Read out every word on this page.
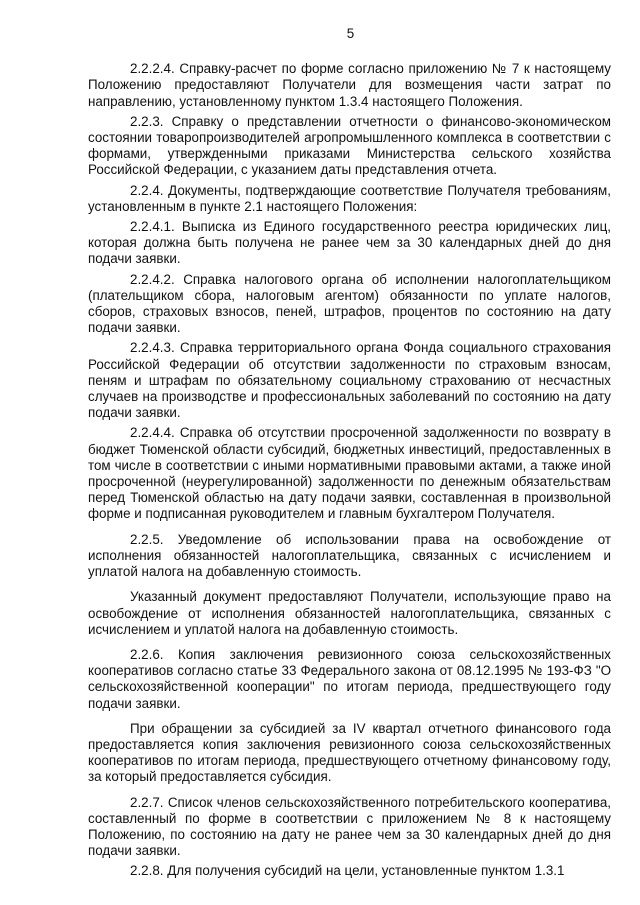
5

2.2.2.4. Справку-расчет по форме согласно приложению № 7 к настоящему Положению предоставляют Получатели для возмещения части затрат по направлению, установленному пунктом 1.3.4 настоящего Положения.

2.2.3. Справку о представлении отчетности о финансово-экономическом состоянии товаропроизводителей агропромышленного комплекса в соответствии с формами, утвержденными приказами Министерства сельского хозяйства Российской Федерации, с указанием даты представления отчета.

2.2.4. Документы, подтверждающие соответствие Получателя требованиям, установленным в пункте 2.1 настоящего Положения:

2.2.4.1. Выписка из Единого государственного реестра юридических лиц, которая должна быть получена не ранее чем за 30 календарных дней до дня подачи заявки.

2.2.4.2. Справка налогового органа об исполнении налогоплательщиком (плательщиком сбора, налоговым агентом) обязанности по уплате налогов, сборов, страховых взносов, пеней, штрафов, процентов по состоянию на дату подачи заявки.

2.2.4.3. Справка территориального органа Фонда социального страхования Российской Федерации об отсутствии задолженности по страховым взносам, пеням и штрафам по обязательному социальному страхованию от несчастных случаев на производстве и профессиональных заболеваний по состоянию на дату подачи заявки.

2.2.4.4. Справка об отсутствии просроченной задолженности по возврату в бюджет Тюменской области субсидий, бюджетных инвестиций, предоставленных в том числе в соответствии с иными нормативными правовыми актами, а также иной просроченной (неурегулированной) задолженности по денежным обязательствам перед Тюменской областью на дату подачи заявки, составленная в произвольной форме и подписанная руководителем и главным бухгалтером Получателя.

2.2.5. Уведомление об использовании права на освобождение от исполнения обязанностей налогоплательщика, связанных с исчислением и уплатой налога на добавленную стоимость.

Указанный документ предоставляют Получатели, использующие право на освобождение от исполнения обязанностей налогоплательщика, связанных с исчислением и уплатой налога на добавленную стоимость.

2.2.6. Копия заключения ревизионного союза сельскохозяйственных кооперативов согласно статье 33 Федерального закона от 08.12.1995 № 193-ФЗ "О сельскохозяйственной кооперации" по итогам периода, предшествующего году подачи заявки.

При обращении за субсидией за IV квартал отчетного финансового года предоставляется копия заключения ревизионного союза сельскохозяйственных кооперативов по итогам периода, предшествующего отчетному финансовому году, за который предоставляется субсидия.

2.2.7. Список членов сельскохозяйственного потребительского кооператива, составленный по форме в соответствии с приложением № 8 к настоящему Положению, по состоянию на дату не ранее чем за 30 календарных дней до дня подачи заявки.

2.2.8. Для получения субсидий на цели, установленные пунктом 1.3.1
